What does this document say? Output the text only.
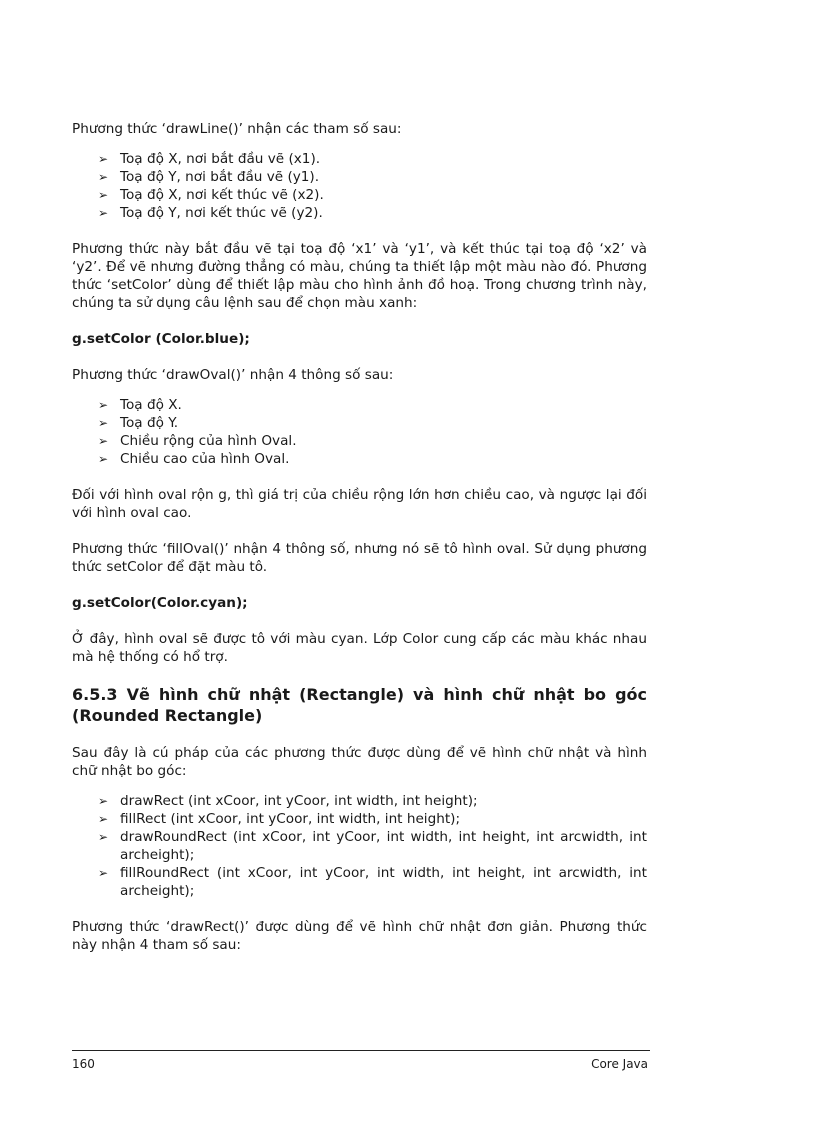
Phương thức ‘drawLine()’ nhận các tham số sau:

➢ Toạ độ X, nơi bắt đầu vẽ (x1).
➢ Toạ độ Y, nơi bắt đầu vẽ (y1).
➢ Toạ độ X, nơi kết thúc vẽ (x2).
➢ Toạ độ Y, nơi kết thúc vẽ (y2).

Phương thức này bắt đầu vẽ tại toạ độ ‘x1’ và ‘y1’, và kết thúc tại toạ độ ‘x2’ và ‘y2’. Để vẽ nhưng đường thẳng có màu, chúng ta thiết lập một màu nào đó. Phương thức ‘setColor’ dùng để thiết lập màu cho hình ảnh đồ hoạ. Trong chương trình này, chúng ta sử dụng câu lệnh sau để chọn màu xanh:

g.setColor (Color.blue);

Phương thức ‘drawOval()’ nhận 4 thông số sau:

➢ Toạ độ X.
➢ Toạ độ Y.
➢ Chiều rộng của hình Oval.
➢ Chiều cao của hình Oval.

Đối với hình oval rộn g, thì giá trị của chiều rộng lớn hơn chiều cao, và ngược lại đối với hình oval cao.

Phương thức ‘fillOval()’ nhận 4 thông số, nhưng nó sẽ tô hình oval. Sử dụng phương thức setColor để đặt màu tô.

g.setColor(Color.cyan);

Ở đây, hình oval sẽ được tô với màu cyan. Lớp Color cung cấp các màu khác nhau mà hệ thống có hổ trợ.

6.5.3 Vẽ hình chữ nhật (Rectangle) và hình chữ nhật bo góc (Rounded Rectangle)

Sau đây là cú pháp của các phương thức được dùng để vẽ hình chữ nhật và hình chữ nhật bo góc:

➢ drawRect (int xCoor, int yCoor, int width, int height);
➢ fillRect (int xCoor, int yCoor, int width, int height);
➢ drawRoundRect (int xCoor, int yCoor, int width, int height, int arcwidth, int archeight);
➢ fillRoundRect (int xCoor, int yCoor, int width, int height, int arcwidth, int archeight);

Phương thức ‘drawRect()’ được dùng để vẽ hình chữ nhật đơn giản. Phương thức này nhận 4 tham số sau:

160	Core Java
